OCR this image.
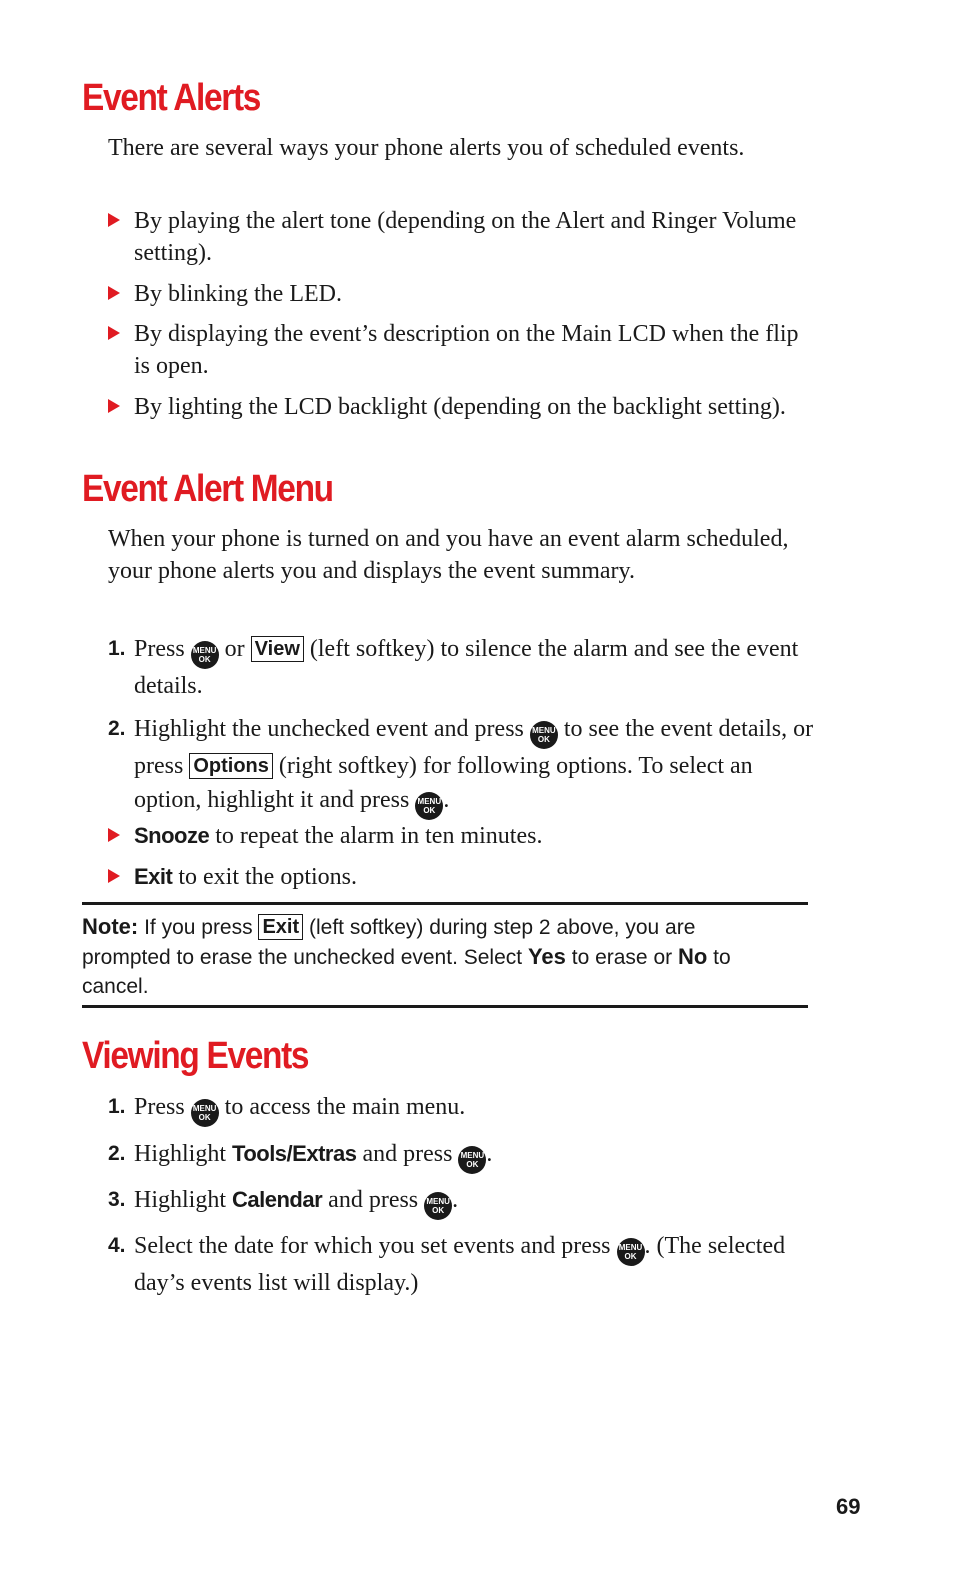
Event Alerts

There are several ways your phone alerts you of scheduled events.

By playing the alert tone (depending on the Alert and Ringer Volume setting).
By blinking the LED.
By displaying the event’s description on the Main LCD when the flip is open.
By lighting the LCD backlight (depending on the backlight setting).
Event Alert Menu

When your phone is turned on and you have an event alarm scheduled, your phone alerts you and displays the event summary.

1. Press MENU
OK or View (left softkey) to silence the alarm and see the event details.
2. Highlight the unchecked event and press MENU
OK to see the event details, or press Options (right softkey) for following options. To select an option, highlight it and press MENU
OK .
Snooze to repeat the alarm in ten minutes.
Exit to exit the options.

Note: If you press Exit (left softkey) during step 2 above, you are prompted to erase the unchecked event. Select Yes to erase or No to cancel.

Viewing Events
1. Press MENU
OK to access the main menu.
2. Highlight Tools/Extras and press MENU
OK .
3. Highlight Calendar and press MENU
OK .
4. Select the date for which you set events and press MENU
OK . (The selected day’s events list will display.)
69
